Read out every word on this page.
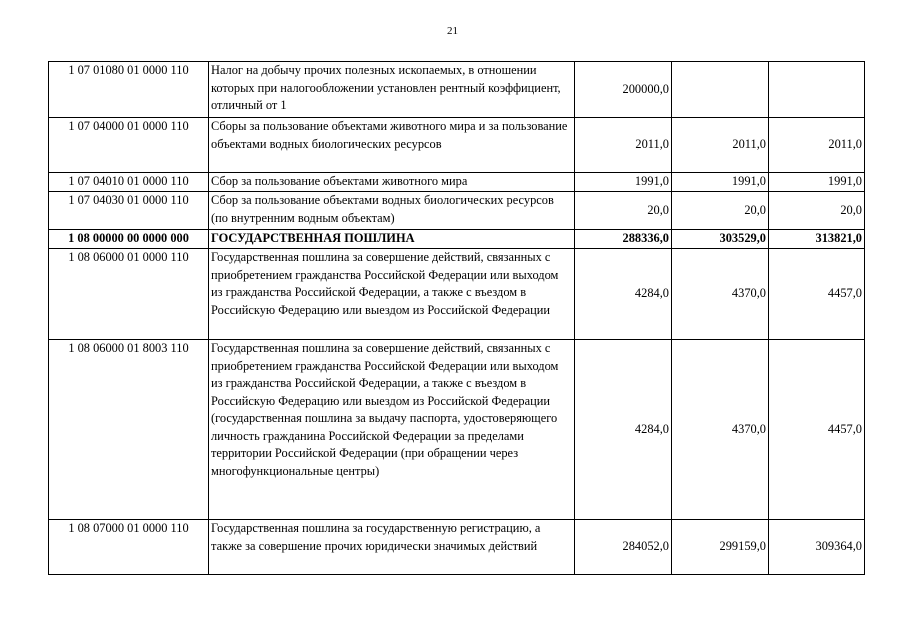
21
1 07 01080 01 0000 110	Налог на добычу прочих полезных ископаемых, в отношении которых при налогообложении установлен рентный коэффициент, отличный от 1	200000,0		
1 07 04000 01 0000 110	Сборы за пользование объектами животного мира и за пользование объектами водных биологических ресурсов	2011,0	2011,0	2011,0
1 07 04010 01 0000 110	Сбор за пользование объектами животного мира	1991,0	1991,0	1991,0
1 07 04030 01 0000 110	Сбор за пользование объектами водных биологических ресурсов (по внутренним водным объектам)	20,0	20,0	20,0
1 08 00000 00 0000 000	ГОСУДАРСТВЕННАЯ ПОШЛИНА	288336,0	303529,0	313821,0
1 08 06000 01 0000 110	Государственная пошлина за совершение действий, связанных с приобретением гражданства Российской Федерации или выходом из гражданства Российской Федерации, а также с въездом в Российскую Федерацию или выездом из Российской Федерации	4284,0	4370,0	4457,0
1 08 06000 01 8003 110	Государственная пошлина за совершение действий, связанных с приобретением гражданства Российской Федерации или выходом из гражданства Российской Федерации, а также с въездом в Российскую Федерацию или выездом из Российской Федерации (государственная пошлина за выдачу паспорта, удостоверяющего личность гражданина Российской Федерации за пределами территории Российской Федерации (при обращении через многофункциональные центры)	4284,0	4370,0	4457,0
1 08 07000 01 0000 110	Государственная пошлина за государственную регистрацию, а также за совершение прочих юридически значимых действий	284052,0	299159,0	309364,0
